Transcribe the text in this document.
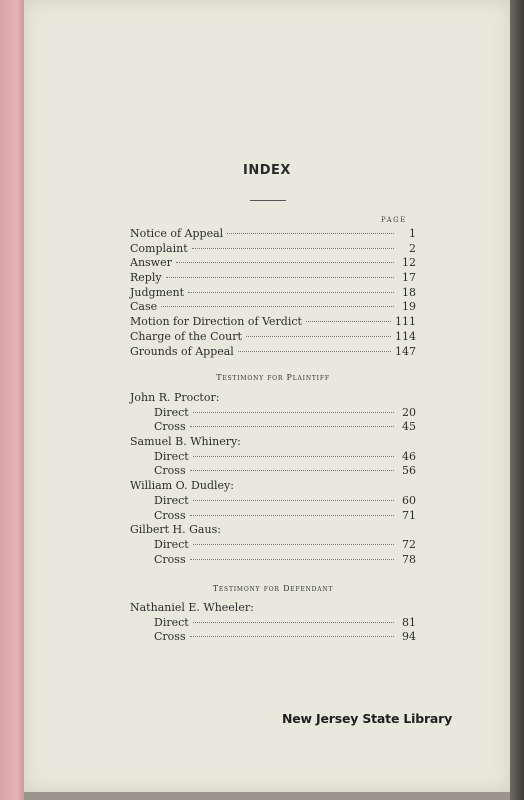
INDEX
PAGE
Notice of Appeal	1
Complaint	2
Answer	12
Reply	17
Judgment	18
Case	19
Motion for Direction of Verdict	111
Charge of the Court	114
Grounds of Appeal	147
Testimony for Plaintiff
John R. Proctor:
Direct	20
Cross	45
Samuel B. Whinery:
Direct	46
Cross	56
William O. Dudley:
Direct	60
Cross	71
Gilbert H. Gaus:
Direct	72
Cross	78
Testimony for Defendant
Nathaniel E. Wheeler:
Direct	81
Cross	94
New Jersey State Library
